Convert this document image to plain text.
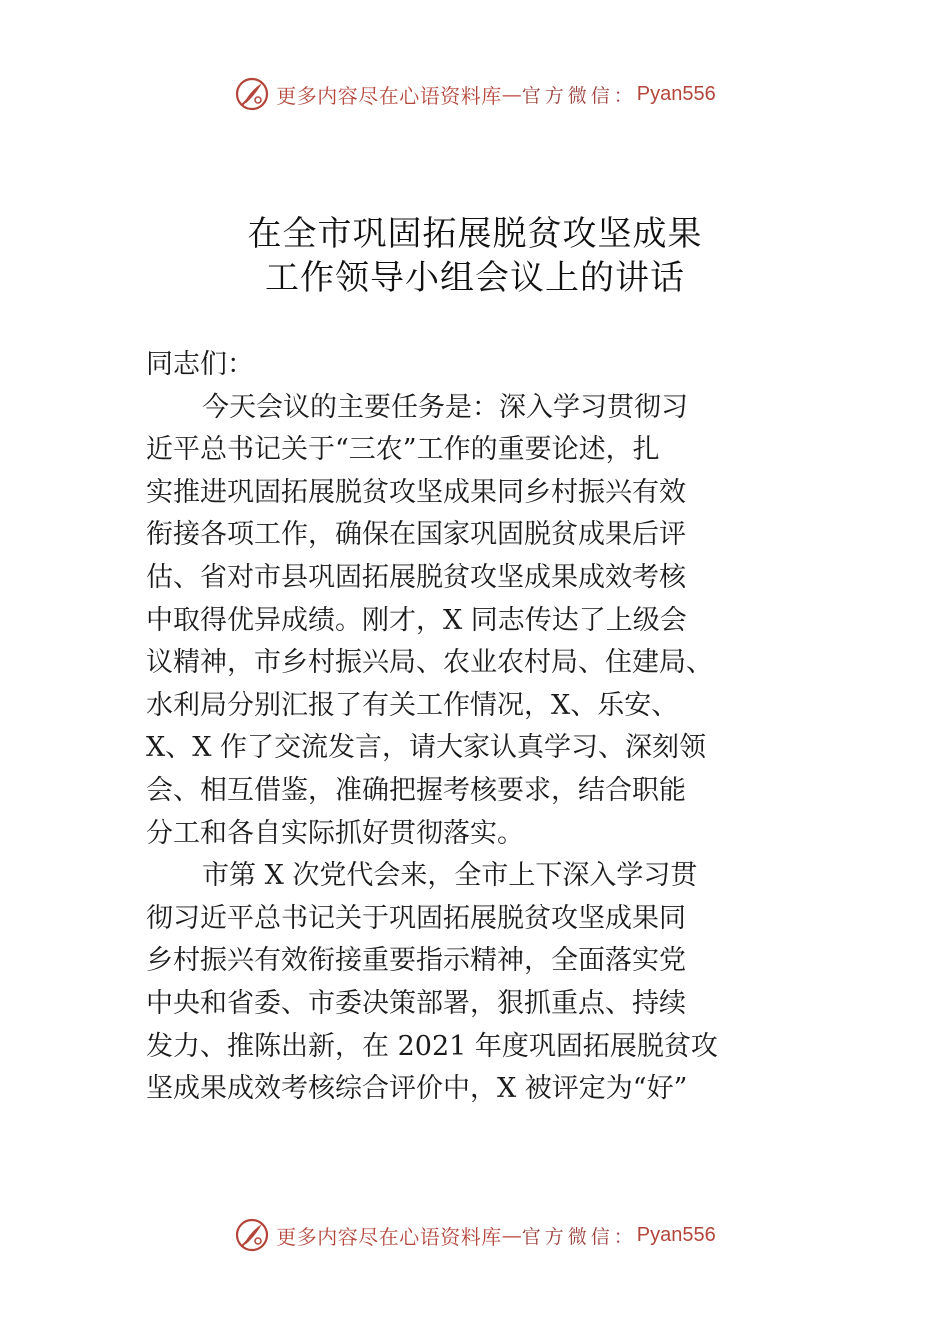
更多内容尽在心语资料库 — 官方微信： Pyan556
在全市巩固拓展脱贫攻坚成果
工作领导小组会议上的讲话
同志们：
今天会议的主要任务是：深入学习贯彻习
近平总书记关于“三农”工作的重要论述，扎
实推进巩固拓展脱贫攻坚成果同乡村振兴有效
衔接各项工作，确保在国家巩固脱贫成果后评
估、省对市县巩固拓展脱贫攻坚成果成效考核
中取得优异成绩。刚才，X 同志传达了上级会
议精神，市乡村振兴局、农业农村局、住建局、
水利局分别汇报了有关工作情况，X、乐安、
X、X 作了交流发言，请大家认真学习、深刻领
会、相互借鉴，准确把握考核要求，结合职能
分工和各自实际抓好贯彻落实。
市第 X 次党代会来，全市上下深入学习贯
彻习近平总书记关于巩固拓展脱贫攻坚成果同
乡村振兴有效衔接重要指示精神，全面落实党
中央和省委、市委决策部署，狠抓重点、持续
发力、推陈出新，在 2021 年度巩固拓展脱贫攻
坚成果成效考核综合评价中，X 被评定为“好”
更多内容尽在心语资料库 — 官方微信： Pyan556
